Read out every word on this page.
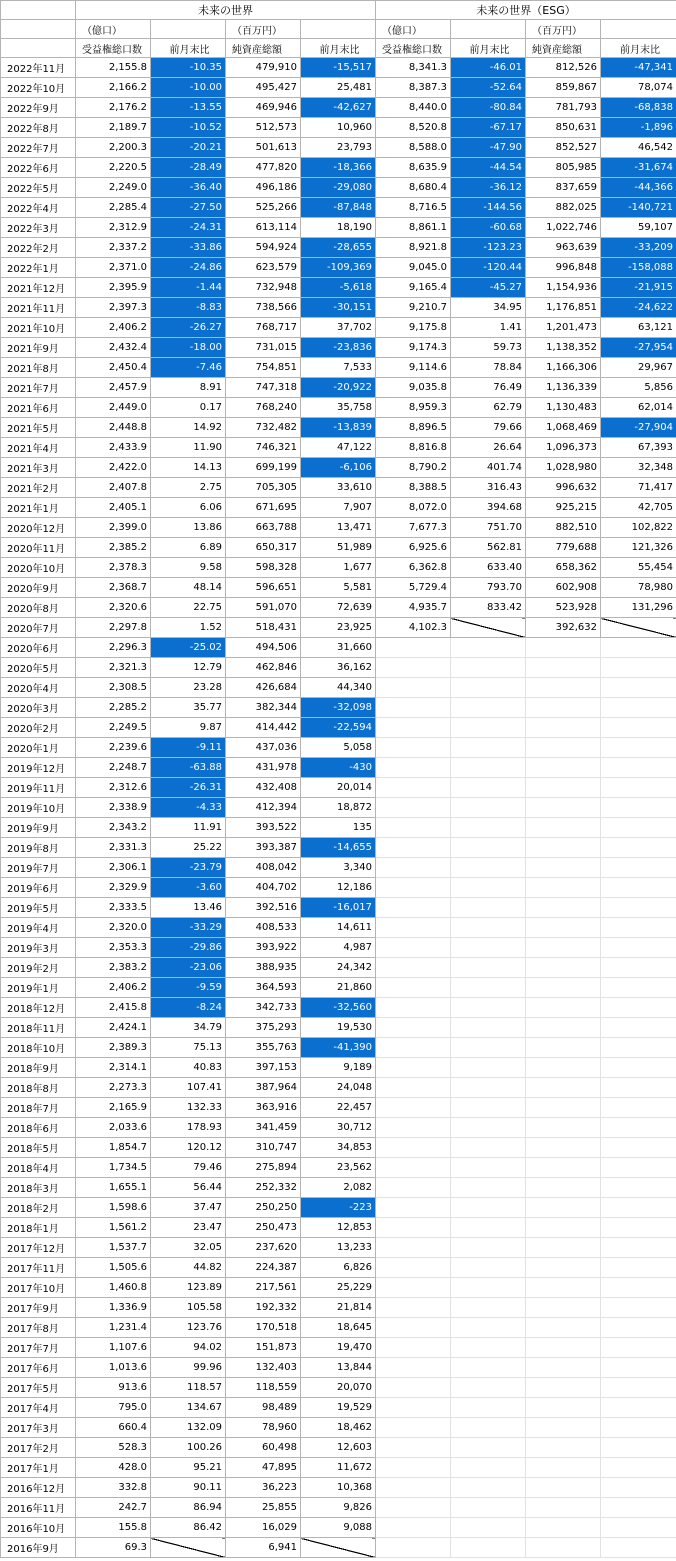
	未来の世界				未来の世界（ESG）			
	（億口）		（百万円）		（億口）		（百万円）	
	受益権総口数	前月末比	純資産総額	前月末比	受益権総口数	前月末比	純資産総額	前月末比
2022年11月	2,155.8	-10.35	479,910	-15,517	8,341.3	-46.01	812,526	-47,341
2022年10月	2,166.2	-10.00	495,427	25,481	8,387.3	-52.64	859,867	78,074
2022年9月	2,176.2	-13.55	469,946	-42,627	8,440.0	-80.84	781,793	-68,838
2022年8月	2,189.7	-10.52	512,573	10,960	8,520.8	-67.17	850,631	-1,896
2022年7月	2,200.3	-20.21	501,613	23,793	8,588.0	-47.90	852,527	46,542
2022年6月	2,220.5	-28.49	477,820	-18,366	8,635.9	-44.54	805,985	-31,674
2022年5月	2,249.0	-36.40	496,186	-29,080	8,680.4	-36.12	837,659	-44,366
2022年4月	2,285.4	-27.50	525,266	-87,848	8,716.5	-144.56	882,025	-140,721
2022年3月	2,312.9	-24.31	613,114	18,190	8,861.1	-60.68	1,022,746	59,107
2022年2月	2,337.2	-33.86	594,924	-28,655	8,921.8	-123.23	963,639	-33,209
2022年1月	2,371.0	-24.86	623,579	-109,369	9,045.0	-120.44	996,848	-158,088
2021年12月	2,395.9	-1.44	732,948	-5,618	9,165.4	-45.27	1,154,936	-21,915
2021年11月	2,397.3	-8.83	738,566	-30,151	9,210.7	34.95	1,176,851	-24,622
2021年10月	2,406.2	-26.27	768,717	37,702	9,175.8	1.41	1,201,473	63,121
2021年9月	2,432.4	-18.00	731,015	-23,836	9,174.3	59.73	1,138,352	-27,954
2021年8月	2,450.4	-7.46	754,851	7,533	9,114.6	78.84	1,166,306	29,967
2021年7月	2,457.9	8.91	747,318	-20,922	9,035.8	76.49	1,136,339	5,856
2021年6月	2,449.0	0.17	768,240	35,758	8,959.3	62.79	1,130,483	62,014
2021年5月	2,448.8	14.92	732,482	-13,839	8,896.5	79.66	1,068,469	-27,904
2021年4月	2,433.9	11.90	746,321	47,122	8,816.8	26.64	1,096,373	67,393
2021年3月	2,422.0	14.13	699,199	-6,106	8,790.2	401.74	1,028,980	32,348
2021年2月	2,407.8	2.75	705,305	33,610	8,388.5	316.43	996,632	71,417
2021年1月	2,405.1	6.06	671,695	7,907	8,072.0	394.68	925,215	42,705
2020年12月	2,399.0	13.86	663,788	13,471	7,677.3	751.70	882,510	102,822
2020年11月	2,385.2	6.89	650,317	51,989	6,925.6	562.81	779,688	121,326
2020年10月	2,378.3	9.58	598,328	1,677	6,362.8	633.40	658,362	55,454
2020年9月	2,368.7	48.14	596,651	5,581	5,729.4	793.70	602,908	78,980
2020年8月	2,320.6	22.75	591,070	72,639	4,935.7	833.42	523,928	131,296
2020年7月	2,297.8	1.52	518,431	23,925	4,102.3		392,632	
2020年6月	2,296.3	-25.02	494,506	31,660				
2020年5月	2,321.3	12.79	462,846	36,162				
2020年4月	2,308.5	23.28	426,684	44,340				
2020年3月	2,285.2	35.77	382,344	-32,098				
2020年2月	2,249.5	9.87	414,442	-22,594				
2020年1月	2,239.6	-9.11	437,036	5,058				
2019年12月	2,248.7	-63.88	431,978	-430				
2019年11月	2,312.6	-26.31	432,408	20,014				
2019年10月	2,338.9	-4.33	412,394	18,872				
2019年9月	2,343.2	11.91	393,522	135				
2019年8月	2,331.3	25.22	393,387	-14,655				
2019年7月	2,306.1	-23.79	408,042	3,340				
2019年6月	2,329.9	-3.60	404,702	12,186				
2019年5月	2,333.5	13.46	392,516	-16,017				
2019年4月	2,320.0	-33.29	408,533	14,611				
2019年3月	2,353.3	-29.86	393,922	4,987				
2019年2月	2,383.2	-23.06	388,935	24,342				
2019年1月	2,406.2	-9.59	364,593	21,860				
2018年12月	2,415.8	-8.24	342,733	-32,560				
2018年11月	2,424.1	34.79	375,293	19,530				
2018年10月	2,389.3	75.13	355,763	-41,390				
2018年9月	2,314.1	40.83	397,153	9,189				
2018年8月	2,273.3	107.41	387,964	24,048				
2018年7月	2,165.9	132.33	363,916	22,457				
2018年6月	2,033.6	178.93	341,459	30,712				
2018年5月	1,854.7	120.12	310,747	34,853				
2018年4月	1,734.5	79.46	275,894	23,562				
2018年3月	1,655.1	56.44	252,332	2,082				
2018年2月	1,598.6	37.47	250,250	-223				
2018年1月	1,561.2	23.47	250,473	12,853				
2017年12月	1,537.7	32.05	237,620	13,233				
2017年11月	1,505.6	44.82	224,387	6,826				
2017年10月	1,460.8	123.89	217,561	25,229				
2017年9月	1,336.9	105.58	192,332	21,814				
2017年8月	1,231.4	123.76	170,518	18,645				
2017年7月	1,107.6	94.02	151,873	19,470				
2017年6月	1,013.6	99.96	132,403	13,844				
2017年5月	913.6	118.57	118,559	20,070				
2017年4月	795.0	134.67	98,489	19,529				
2017年3月	660.4	132.09	78,960	18,462				
2017年2月	528.3	100.26	60,498	12,603				
2017年1月	428.0	95.21	47,895	11,672				
2016年12月	332.8	90.11	36,223	10,368				
2016年11月	242.7	86.94	25,855	9,826				
2016年10月	155.8	86.42	16,029	9,088				
2016年9月	69.3		6,941					
